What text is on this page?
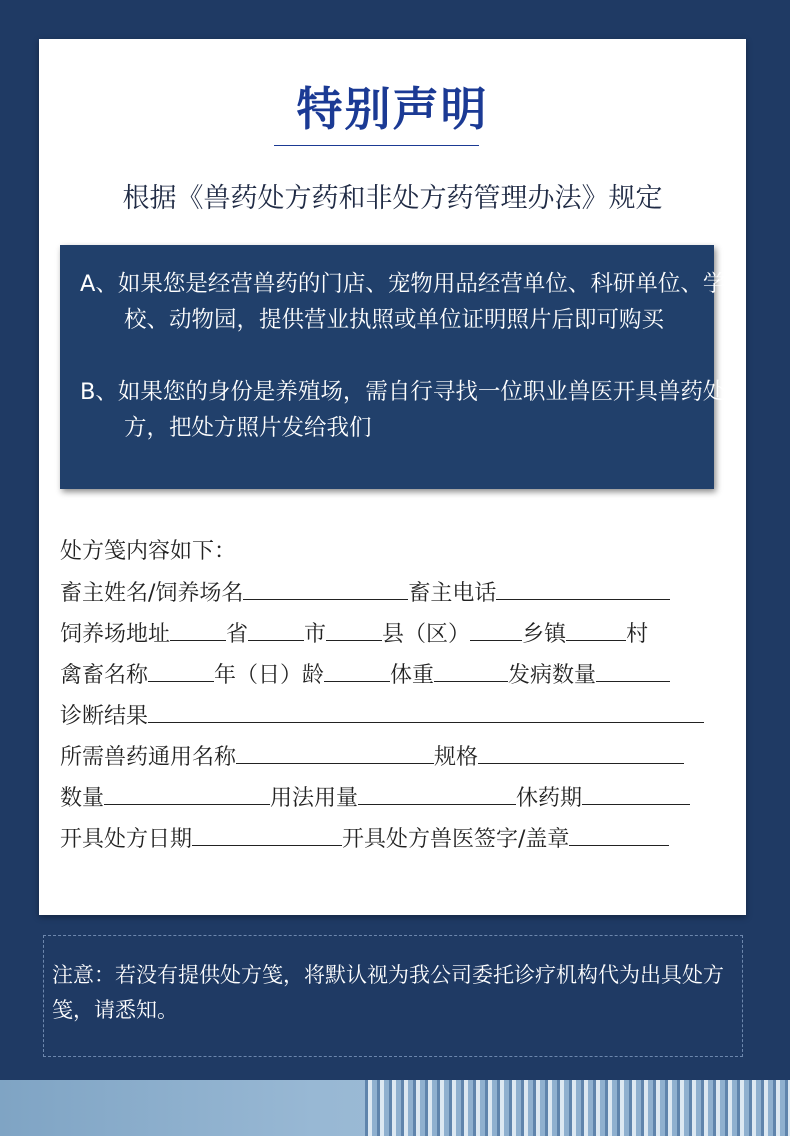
特别声明
根据《兽药处方药和非处方药管理办法》规定
A、如果您是经营兽药的门店、宠物用品经营单位、科研单位、学校、动物园，提供营业执照或单位证明照片后即可购买
B、如果您的身份是养殖场，需自行寻找一位职业兽医开具兽药处方，把处方照片发给我们
处方笺内容如下：
畜主姓名/饲养场名	畜主电话
饲养场地址	省	市	县（区） 乡镇	村
禽畜名称	年（日）龄	体重	发病数量
诊断结果
所需兽药通用名称	规格
数量	用法用量	休药期
开具处方日期	开具处方兽医签字/盖章
注意：若没有提供处方笺，将默认视为我公司委托诊疗机构代为出具处方笺，请悉知。
